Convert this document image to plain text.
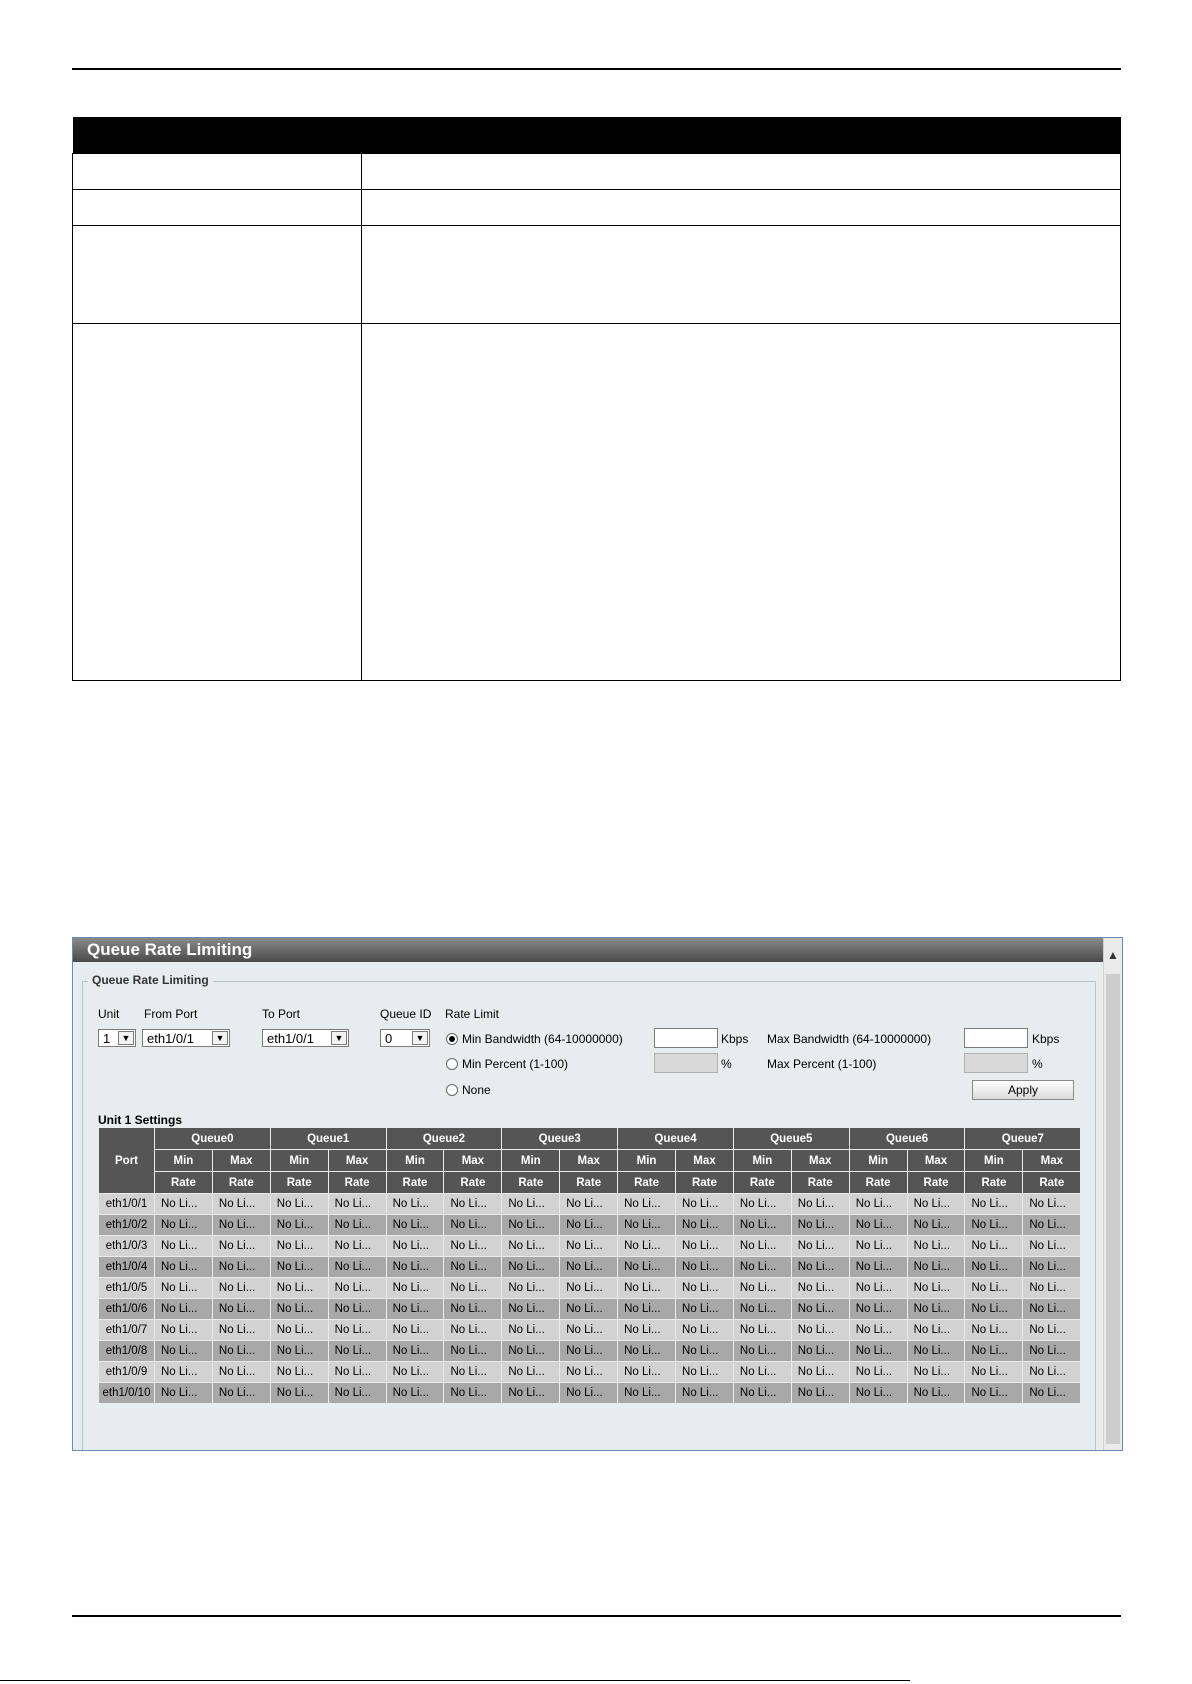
Queue Rate Limiting	▲
Queue Rate Limiting
Unit From Port	To Port	Queue ID Rate Limit
1	▼ eth1/0/1	▼	eth1/0/1	▼	0	▼	Min Bandwidth (64-10000000)
Min Percent (1-100)
None
Kbps
%
Max Bandwidth (64-10000000)
Max Percent (1-100)
Kbps
%
Apply
Unit 1 Settings
Port	Queue0		Queue1		Queue2		Queue3		Queue4		Queue5		Queue6		Queue7	
	Min	Max	Min	Max	Min	Max	Min	Max	Min	Max	Min	Max	Min	Max	Min	Max
	Rate	Rate	Rate	Rate	Rate	Rate	Rate	Rate	Rate	Rate	Rate	Rate	Rate	Rate	Rate	Rate
eth1/0/1	No Li...	No Li...	No Li...	No Li...	No Li...	No Li...	No Li...	No Li...	No Li...	No Li...	No Li...	No Li...	No Li...	No Li...	No Li...	No Li...
eth1/0/2	No Li...	No Li...	No Li...	No Li...	No Li...	No Li...	No Li...	No Li...	No Li...	No Li...	No Li...	No Li...	No Li...	No Li...	No Li...	No Li...
eth1/0/3	No Li...	No Li...	No Li...	No Li...	No Li...	No Li...	No Li...	No Li...	No Li...	No Li...	No Li...	No Li...	No Li...	No Li...	No Li...	No Li...
eth1/0/4	No Li...	No Li...	No Li...	No Li...	No Li...	No Li...	No Li...	No Li...	No Li...	No Li...	No Li...	No Li...	No Li...	No Li...	No Li...	No Li...
eth1/0/5	No Li...	No Li...	No Li...	No Li...	No Li...	No Li...	No Li...	No Li...	No Li...	No Li...	No Li...	No Li...	No Li...	No Li...	No Li...	No Li...
eth1/0/6	No Li...	No Li...	No Li...	No Li...	No Li...	No Li...	No Li...	No Li...	No Li...	No Li...	No Li...	No Li...	No Li...	No Li...	No Li...	No Li...
eth1/0/7	No Li...	No Li...	No Li...	No Li...	No Li...	No Li...	No Li...	No Li...	No Li...	No Li...	No Li...	No Li...	No Li...	No Li...	No Li...	No Li...
eth1/0/8	No Li...	No Li...	No Li...	No Li...	No Li...	No Li...	No Li...	No Li...	No Li...	No Li...	No Li...	No Li...	No Li...	No Li...	No Li...	No Li...
eth1/0/9	No Li...	No Li...	No Li...	No Li...	No Li...	No Li...	No Li...	No Li...	No Li...	No Li...	No Li...	No Li...	No Li...	No Li...	No Li...	No Li...
eth1/0/10	No Li...	No Li...	No Li...	No Li...	No Li...	No Li...	No Li...	No Li...	No Li...	No Li...	No Li...	No Li...	No Li...	No Li...	No Li...	No Li...
